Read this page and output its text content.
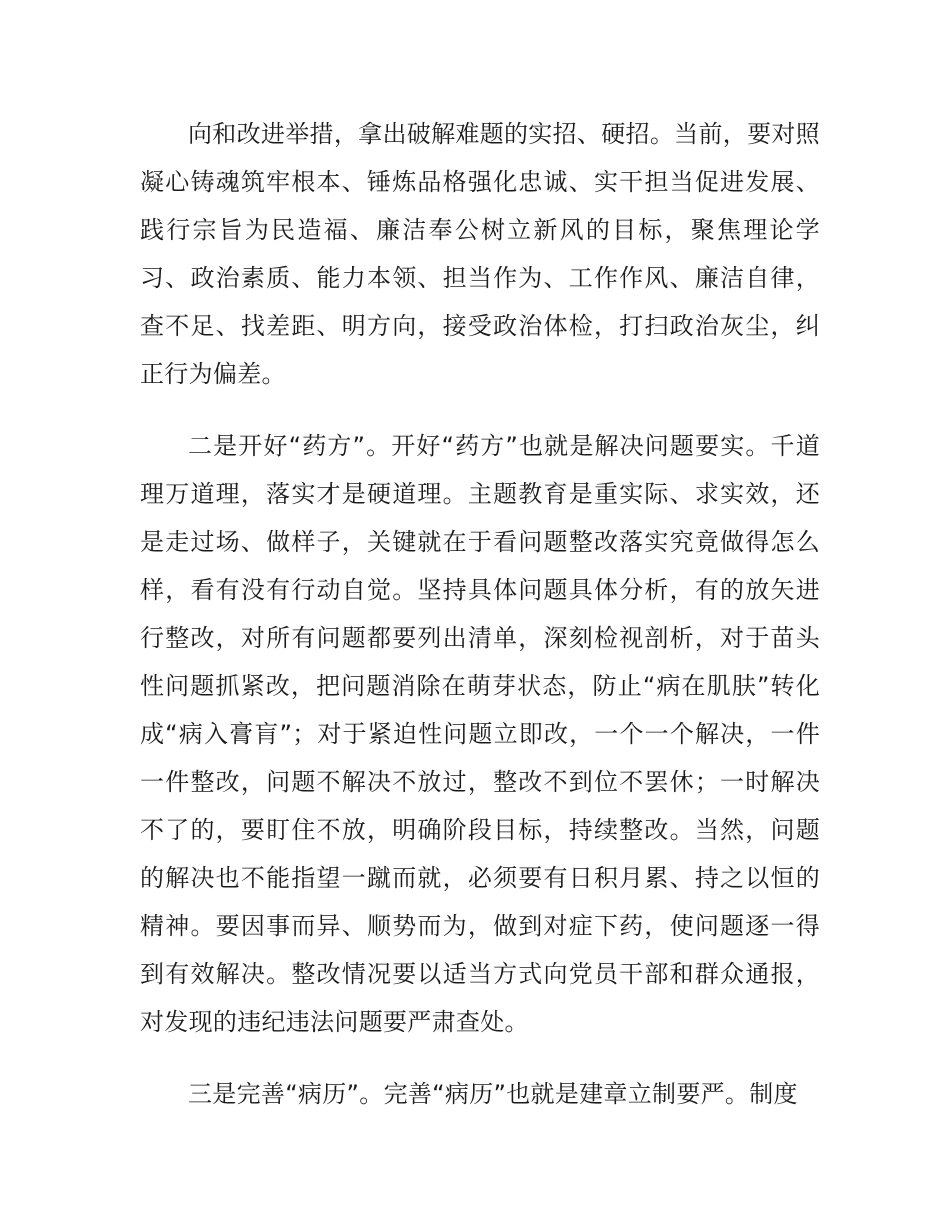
向和改进举措，拿出破解难题的实招、硬招。当前，要对照凝心铸魂筑牢根本、锤炼品格强化忠诚、实干担当促进发展、践行宗旨为民造福、廉洁奉公树立新风的目标，聚焦理论学习、政治素质、能力本领、担当作为、工作作风、廉洁自律，查不足、找差距、明方向，接受政治体检，打扫政治灰尘，纠正行为偏差。

二是开好“药方”。开好“药方”也就是解决问题要实。千道理万道理，落实才是硬道理。主题教育是重实际、求实效，还是走过场、做样子，关键就在于看问题整改落实究竟做得怎么样，看有没有行动自觉。坚持具体问题具体分析，有的放矢进行整改，对所有问题都要列出清单，深刻检视剖析，对于苗头性问题抓紧改，把问题消除在萌芽状态，防止“病在肌肤”转化成“病入膏肓”；对于紧迫性问题立即改，一个一个解决，一件一件整改，问题不解决不放过，整改不到位不罢休；一时解决不了的，要盯住不放，明确阶段目标，持续整改。当然，问题的解决也不能指望一蹴而就，必须要有日积月累、持之以恒的精神。要因事而异、顺势而为，做到对症下药，使问题逐一得到有效解决。整改情况要以适当方式向党员干部和群众通报，对发现的违纪违法问题要严肃查处。

三是完善“病历”。完善“病历”也就是建章立制要严。制度
